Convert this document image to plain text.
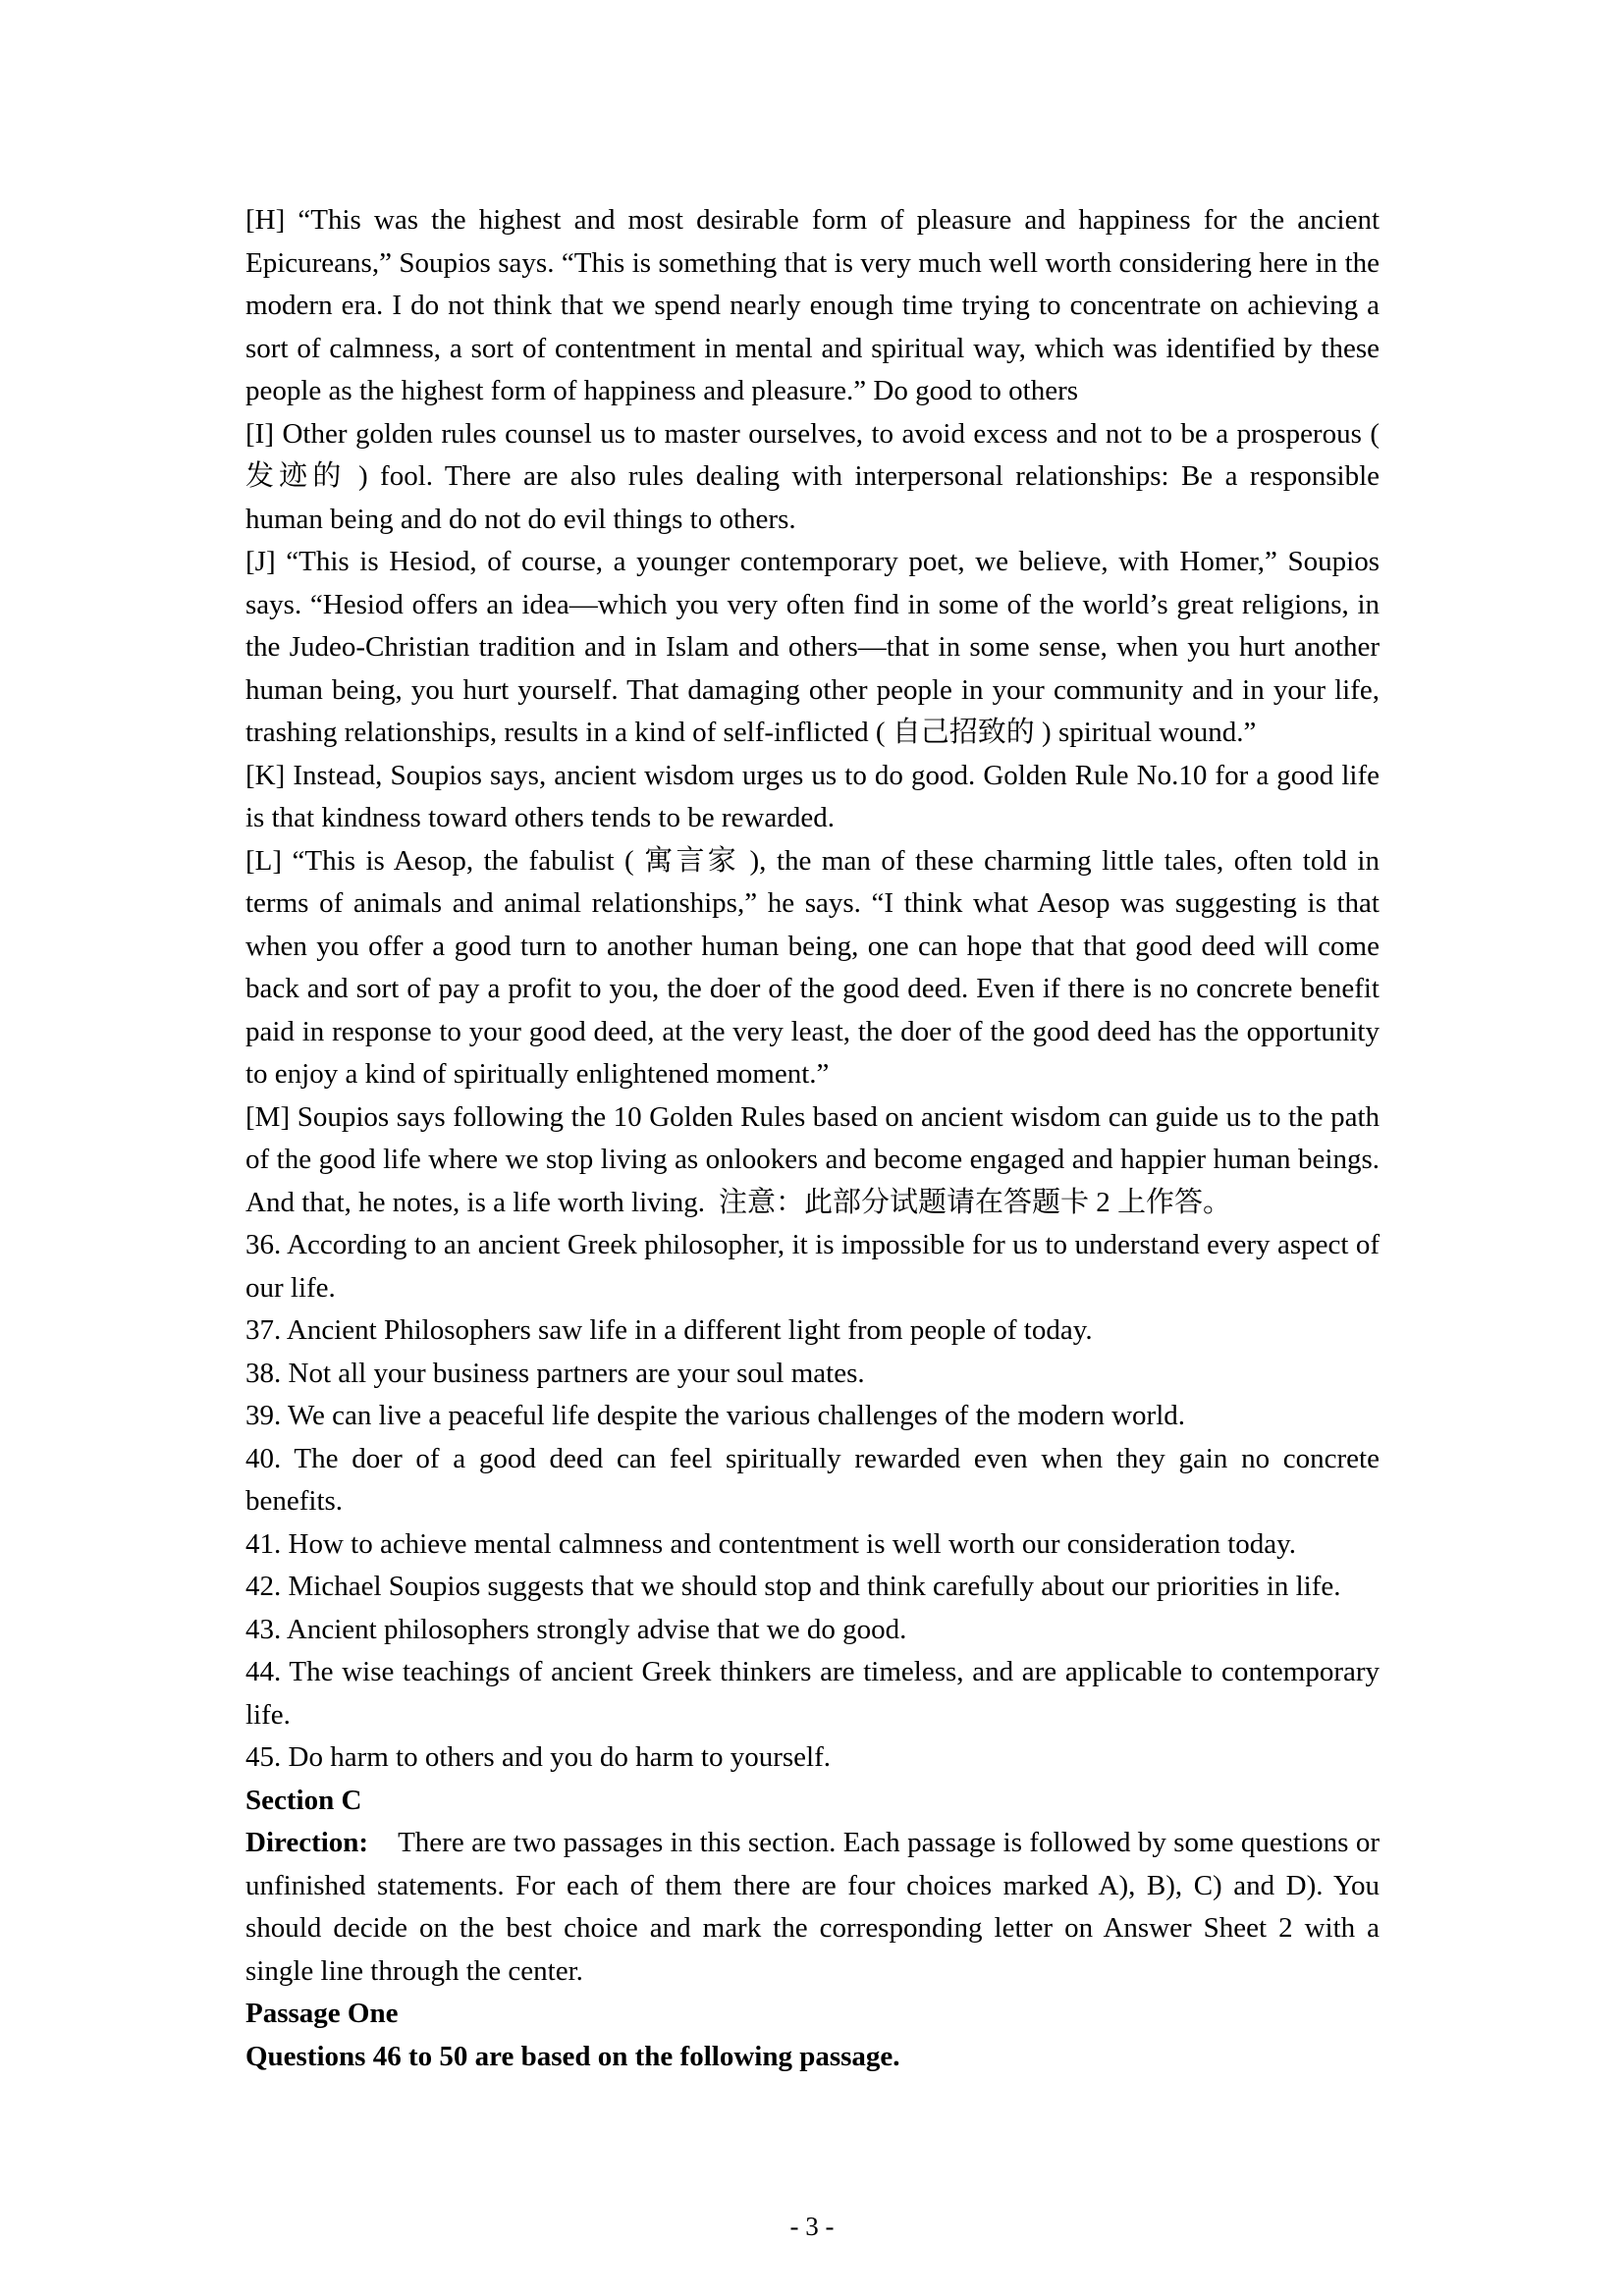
[H] “This was the highest and most desirable form of pleasure and happiness for the ancient Epicureans,” Soupios says. “This is something that is very much well worth considering here in the modern era. I do not think that we spend nearly enough time trying to concentrate on achieving a sort of calmness, a sort of contentment in mental and spiritual way, which was identified by these people as the highest form of happiness and pleasure.” Do good to others
[I] Other golden rules counsel us to master ourselves, to avoid excess and not to be a prosperous ( 发迹的 ) fool. There are also rules dealing with interpersonal relationships: Be a responsible human being and do not do evil things to others.
[J] “This is Hesiod, of course, a younger contemporary poet, we believe, with Homer,” Soupios says. “Hesiod offers an idea—which you very often find in some of the world’s great religions, in the Judeo-Christian tradition and in Islam and others—that in some sense, when you hurt another human being, you hurt yourself. That damaging other people in your community and in your life, trashing relationships, results in a kind of self-inflicted ( 自己招致的 ) spiritual wound.”
[K] Instead, Soupios says, ancient wisdom urges us to do good. Golden Rule No.10 for a good life is that kindness toward others tends to be rewarded.
[L] “This is Aesop, the fabulist ( 寓言家 ), the man of these charming little tales, often told in terms of animals and animal relationships,” he says. “I think what Aesop was suggesting is that when you offer a good turn to another human being, one can hope that that good deed will come back and sort of pay a profit to you, the doer of the good deed. Even if there is no concrete benefit paid in response to your good deed, at the very least, the doer of the good deed has the opportunity to enjoy a kind of spiritually enlightened moment.”
[M] Soupios says following the 10 Golden Rules based on ancient wisdom can guide us to the path of the good life where we stop living as onlookers and become engaged and happier human beings. And that, he notes, is a life worth living. 注意：此部分试题请在答题卡 2 上作答。
36. According to an ancient Greek philosopher, it is impossible for us to understand every aspect of our life.
37. Ancient Philosophers saw life in a different light from people of today.
38. Not all your business partners are your soul mates.
39. We can live a peaceful life despite the various challenges of the modern world.
40. The doer of a good deed can feel spiritually rewarded even when they gain no concrete benefits.
41. How to achieve mental calmness and contentment is well worth our consideration today.
42. Michael Soupios suggests that we should stop and think carefully about our priorities in life.
43. Ancient philosophers strongly advise that we do good.
44. The wise teachings of ancient Greek thinkers are timeless, and are applicable to contemporary life.
45. Do harm to others and you do harm to yourself.
Section C
Direction: There are two passages in this section. Each passage is followed by some questions or unfinished statements. For each of them there are four choices marked A), B), C) and D). You should decide on the best choice and mark the corresponding letter on Answer Sheet 2 with a single line through the center.
Passage One
Questions 46 to 50 are based on the following passage.
- 3 -
